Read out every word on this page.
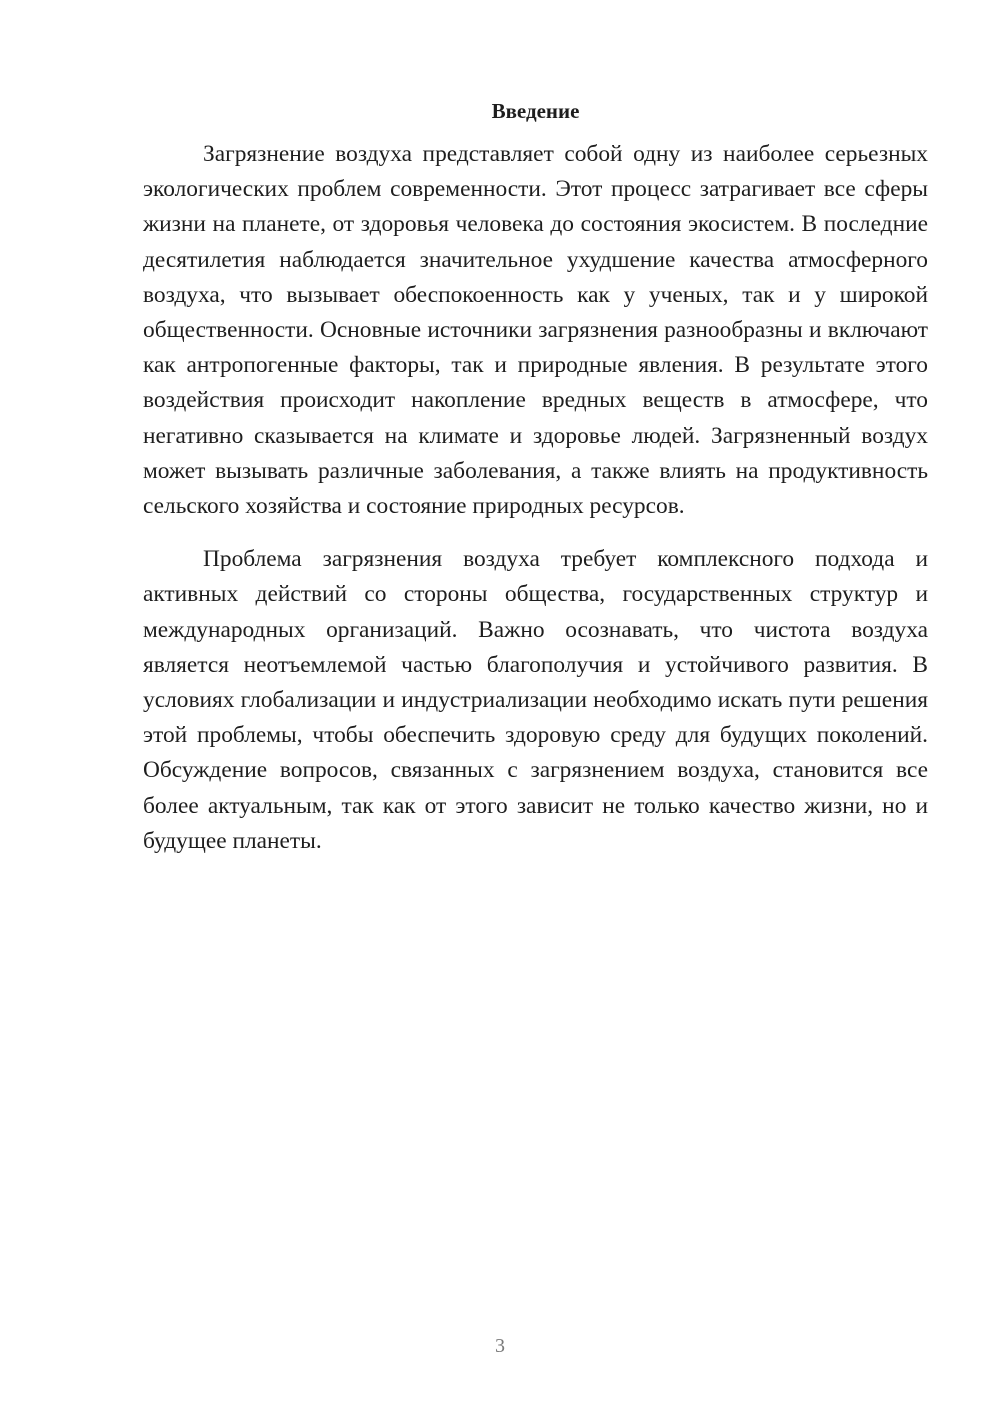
Введение

Загрязнение воздуха представляет собой одну из наиболее серьезных экологических проблем современности. Этот процесс затрагивает все сферы жизни на планете, от здоровья человека до состояния экосистем. В последние десятилетия наблюдается значительное ухудшение качества атмосферного воздуха, что вызывает обеспокоенность как у ученых, так и у широкой общественности. Основные источники загрязнения разнообразны и включают как антропогенные факторы, так и природные явления. В результате этого воздействия происходит накопление вредных веществ в атмосфере, что негативно сказывается на климате и здоровье людей. Загрязненный воздух может вызывать различные заболевания, а также влиять на продуктивность сельского хозяйства и состояние природных ресурсов.

Проблема загрязнения воздуха требует комплексного подхода и активных действий со стороны общества, государственных структур и международных организаций. Важно осознавать, что чистота воздуха является неотъемлемой частью благополучия и устойчивого развития. В условиях глобализации и индустриализации необходимо искать пути решения этой проблемы, чтобы обеспечить здоровую среду для будущих поколений. Обсуждение вопросов, связанных с загрязнением воздуха, становится все более актуальным, так как от этого зависит не только качество жизни, но и будущее планеты.

3
